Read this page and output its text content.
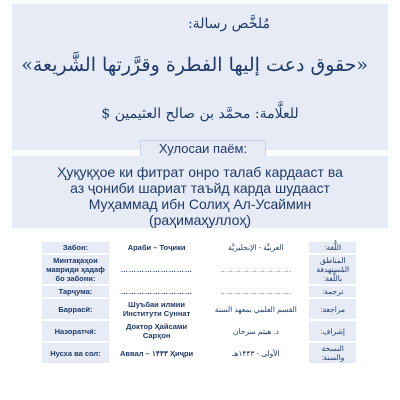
مُلخَّص رسالة:
«حقوق دعت إليها الفطرة وقرَّرتها الشَّريعة»
للعلَّامة: محمَّد بن صالح العثيمين $
Хулосаи паём:
Ҳуқуқҳое ки фитрат онро талаб кардааст ва
аз ҷониби шариат таъйд карда шудааст
Муҳаммад ибн Солиҳ Ал-Усаймин
(раҳимаҳуллоҳ)
Забон:	Араби – Тоҷики	العربيَّة - الإنجليزيَّة	اللُّغة:
Минтақаҳои мавриди ҳадаф бо забони:	………………………	………………………	المناطق المُستهدفة باللُّغة:
Тарҷума:	………………………	………………………	ترجمة:
Баррасӣ:	Шуъбаи илмии Институти Суннат	القسم العلمي بمعهد السنة	مراجعة:
Назоратчӣ:	Доктор Ҳайсами Сарҳон	د. هيثم سرحان	إشراف:
Нусха ва сол:	Аввал – ۱۴۴۳ Ҳиҷри	الأولى - ۱۴۴۳هـ	النسخة والسنة:
